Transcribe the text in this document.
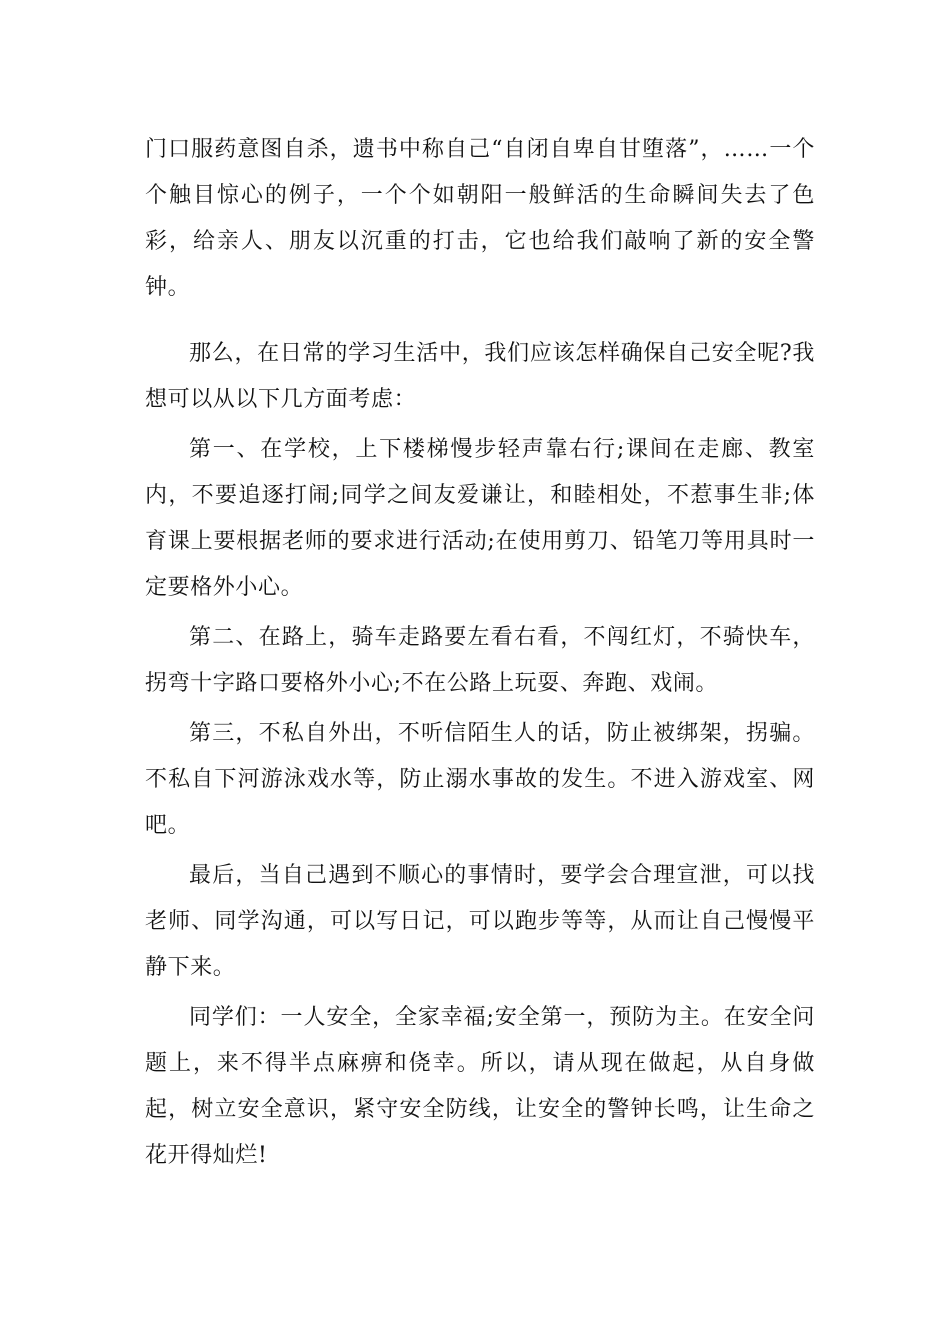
门口服药意图自杀，遗书中称自己“自闭自卑自甘堕落”，……一个个触目惊心的例子，一个个如朝阳一般鲜活的生命瞬间失去了色彩，给亲人、朋友以沉重的打击，它也给我们敲响了新的安全警钟。

那么，在日常的学习生活中，我们应该怎样确保自己安全呢?我想可以从以下几方面考虑：

第一、在学校，上下楼梯慢步轻声靠右行;课间在走廊、教室内，不要追逐打闹;同学之间友爱谦让，和睦相处，不惹事生非;体育课上要根据老师的要求进行活动;在使用剪刀、铅笔刀等用具时一定要格外小心。

第二、在路上，骑车走路要左看右看，不闯红灯，不骑快车，拐弯十字路口要格外小心;不在公路上玩耍、奔跑、戏闹。

第三，不私自外出，不听信陌生人的话，防止被绑架，拐骗。不私自下河游泳戏水等，防止溺水事故的发生。不进入游戏室、网吧。

最后，当自己遇到不顺心的事情时，要学会合理宣泄，可以找老师、同学沟通，可以写日记，可以跑步等等，从而让自己慢慢平静下来。

同学们：一人安全，全家幸福;安全第一，预防为主。在安全问题上，来不得半点麻痹和侥幸。所以，请从现在做起，从自身做起，树立安全意识，紧守安全防线，让安全的警钟长鸣，让生命之花开得灿烂!
